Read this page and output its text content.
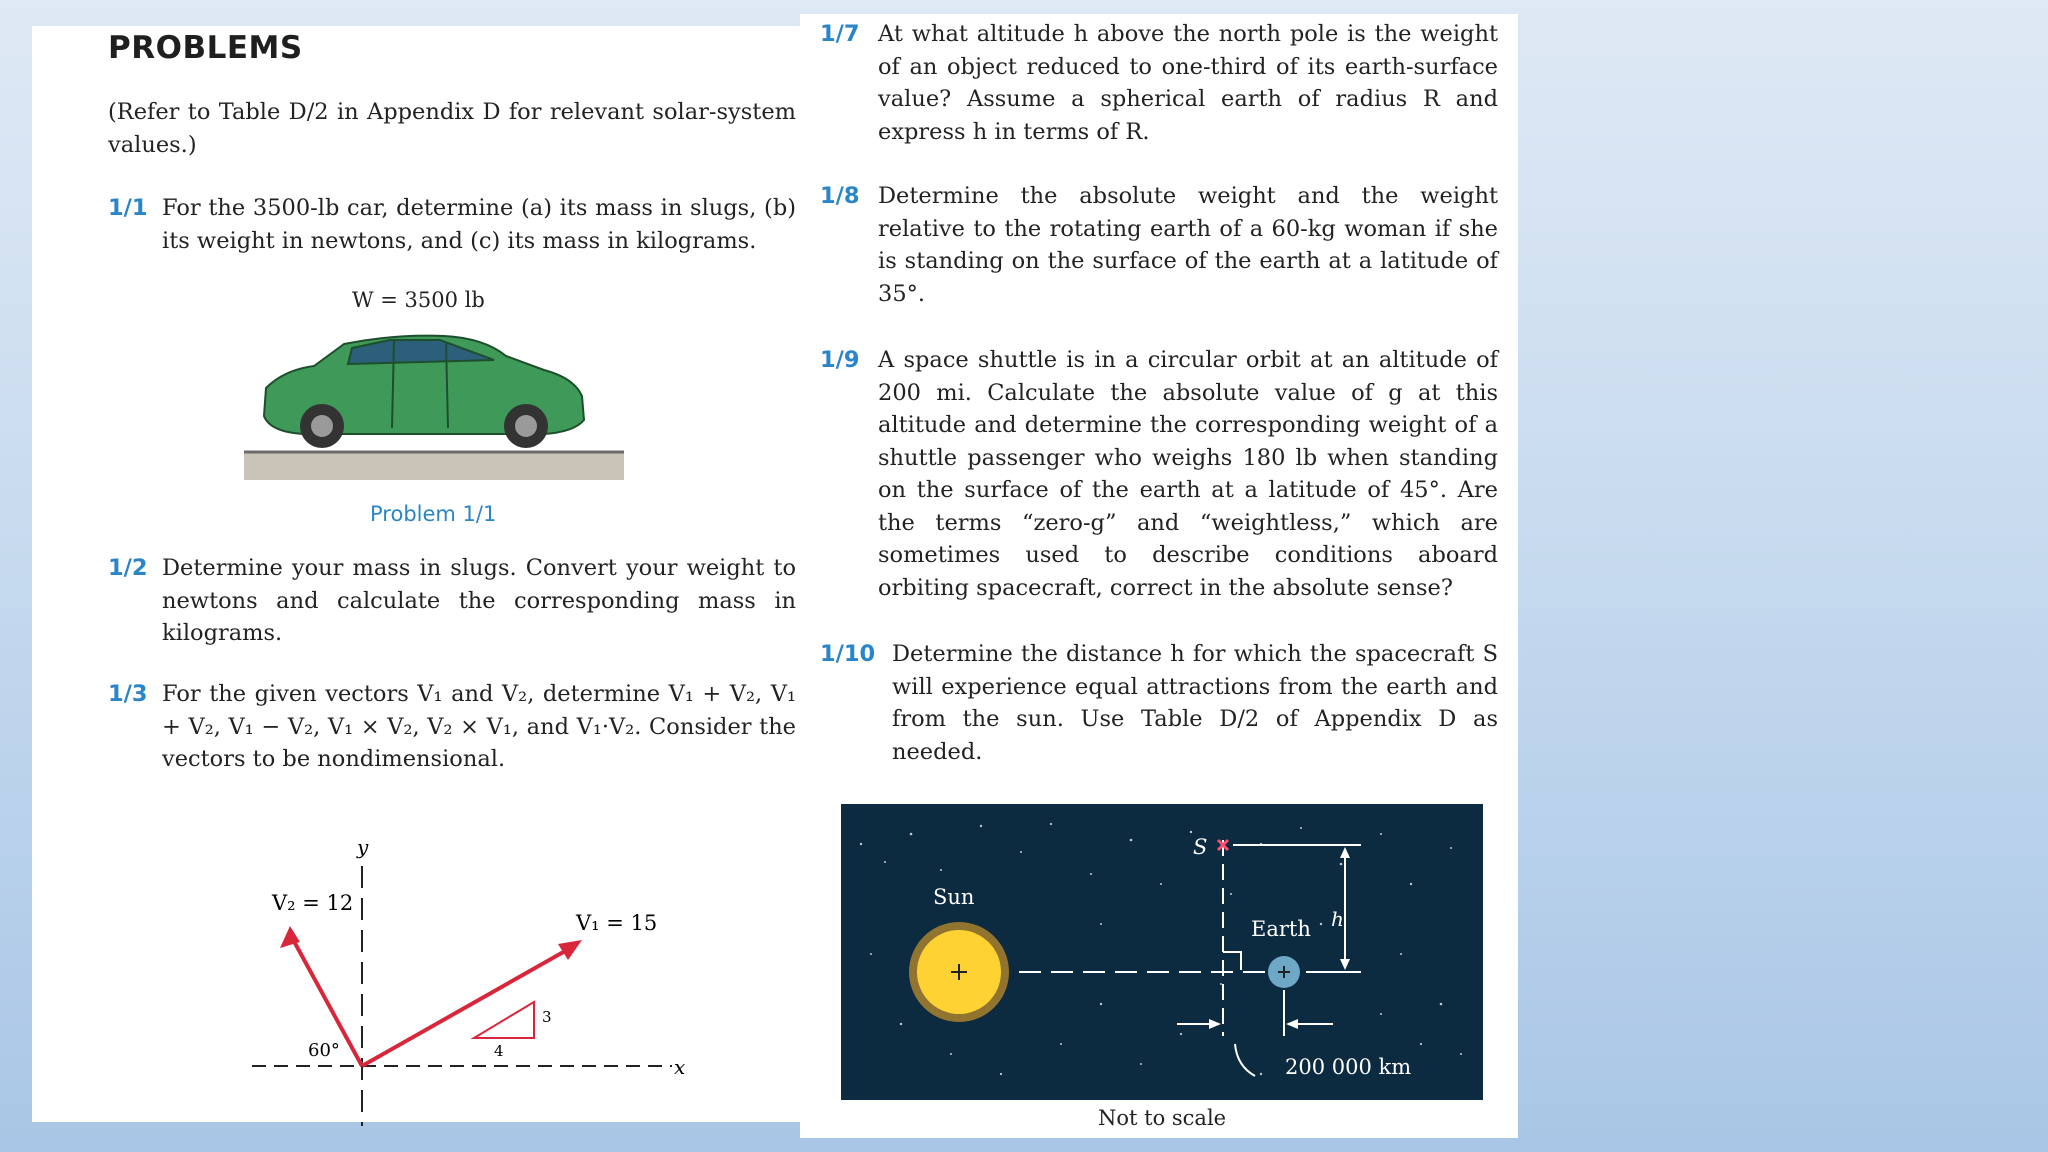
PROBLEMS
(Refer to Table D/2 in Appendix D for relevant solar-system values.)
1/1 For the 3500-lb car, determine (a) its mass in slugs, (b) its weight in newtons, and (c) its mass in kilograms.
W = 3500 lb
Problem 1/1
1/2 Determine your mass in slugs. Convert your weight to newtons and calculate the corresponding mass in kilograms.
1/3 For the given vectors V₁ and V₂, determine V₁ + V₂, V₁ + V₂, V₁ − V₂, V₁ × V₂, V₂ × V₁, and V₁·V₂. Consider the vectors to be nondimensional.
y
x
3
4
V₂ = 12
V₁ = 15
60°
1/7 At what altitude h above the north pole is the weight of an object reduced to one-third of its earth-surface value? Assume a spherical earth of radius R and express h in terms of R.
1/8 Determine the absolute weight and the weight relative to the rotating earth of a 60-kg woman if she is standing on the surface of the earth at a latitude of 35°.
1/9 A space shuttle is in a circular orbit at an altitude of 200 mi. Calculate the absolute value of g at this altitude and determine the corresponding weight of a shuttle passenger who weighs 180 lb when standing on the surface of the earth at a latitude of 45°. Are the terms “zero-g” and “weightless,” which are sometimes used to describe conditions aboard orbiting spacecraft, correct in the absolute sense?
1/10 Determine the distance h for which the spacecraft S will experience equal attractions from the earth and from the sun. Use Table D/2 of Appendix D as needed.
Sun
Earth
S
h
200 000 km
Not to scale
